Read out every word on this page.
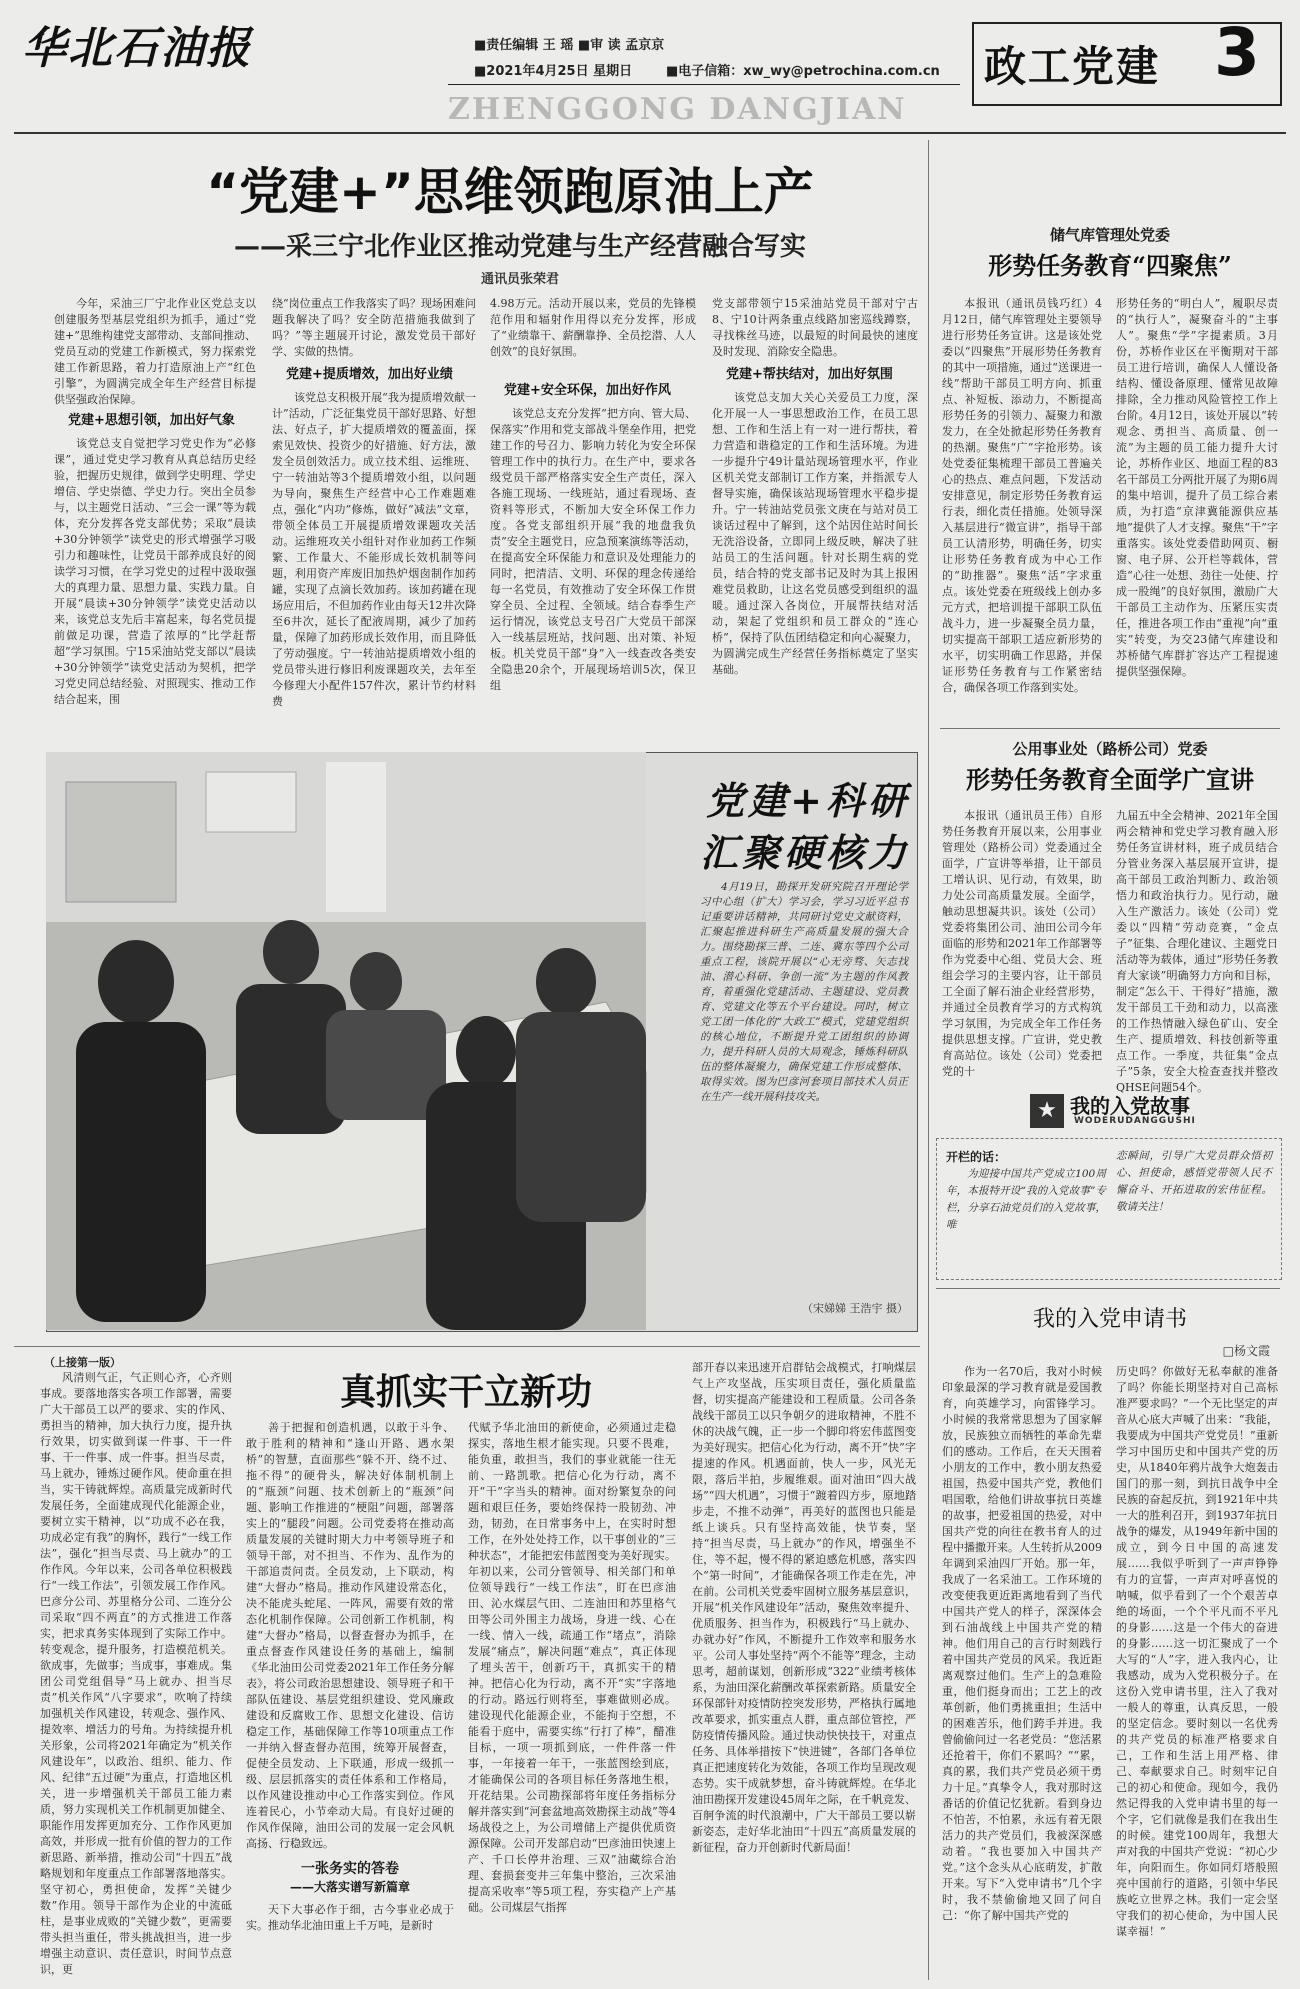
华北石油报	■责任编辑 王 瑶 ■审 读 孟京京
■2021年4月25日 星期日	■电子信箱：xw_wy@petrochina.com.cn
ZHENGGONG DANGJIAN
政工党建 3
“党建+”思维领跑原油上产
——采三宁北作业区推动党建与生产经营融合写实
通讯员张荣君
今年，采油三厂宁北作业区党总支以创建服务型基层党组织为抓手，通过“党建+”思维构建党支部带动、支部间推动、党员互动的党建工作新模式，努力探索党建工作新思路，着力打造原油上产“红色引擎”，为圆满完成全年生产经营目标提供坚强政治保障。
党建+思想引领，加出好气象
该党总支自觉把学习党史作为“必修课”，通过党史学习教育从真总结历史经验，把握历史规律，做到学史明理、学史增信、学史崇德、学史力行。突出全员参与，以主题党日活动、“三会一课”等为载体，充分发挥各党支部优势；采取“晨读+30分钟领学”读党史的形式增强学习吸引力和趣味性，让党员干部养成良好的阅读学习习惯，在学习党史的过程中汲取强大的真理力量、思想力量、实践力量。自开展“晨读+30分钟领学”读党史活动以来，该党总支先后丰富起来，每名党员提前做足功课，营造了浓厚的“比学赶帮超”学习氛围。宁15采油站党支部以“晨读+30分钟领学”读党史活动为契机，把学习党史同总结经验、对照现实、推动工作结合起来，围
绕“岗位重点工作我落实了吗？现场困难问题我解决了吗？安全防范措施我做到了吗？”等主题展开讨论，激发党员干部好学、实做的热情。
党建+提质增效，加出好业绩
该党总支积极开展“我为提质增效献一计”活动，广泛征集党员干部好思路、好想法、好点子，扩大提质增效的覆盖面，探索见效快、投资少的好措施、好方法，激发全员创效活力。成立技术组、运维班、宁一转油站等3个提质增效小组，以问题为导向，聚焦生产经营中心工作难题难点，强化“内功”修炼，做好“减法”文章，带领全体员工开展提质增效课题攻关活动。运维班攻关小组针对作业加药工作频繁、工作量大、不能形成长效机制等问题，利用资产库废旧加热炉烟囱制作加药罐，实现了点滴长效加药。该加药罐在现场应用后，不但加药作业由每天12井次降至6井次，延长了配液周期，减少了加药量，保障了加药形成长效作用，而且降低了劳动强度。宁一转油站提质增效小组的党员带头进行修旧利废课题攻关，去年至今修理大小配件157件次，累计节约材料费
4.98万元。活动开展以来，党员的先锋模范作用和辐射作用得以充分发挥，形成了“业绩靠干、薪酬靠挣、全员挖潜、人人创效”的良好氛围。
党建+安全环保，加出好作风
该党总支充分发挥“把方向、管大局、保落实”作用和党支部战斗堡垒作用，把党建工作的号召力、影响力转化为安全环保管理工作中的执行力。在生产中，要求各级党员干部严格落实安全生产责任，深入各施工现场、一线班站，通过看现场、查资料等形式，不断加大安全环保工作力度。各党支部组织开展“我的地盘我负责”安全主题党日，应急预案演练等活动，在提高安全环保能力和意识及处理能力的同时，把清洁、文明、环保的理念传递给每一名党员，有效推动了安全环保工作贯穿全员、全过程、全领域。结合春季生产运行情况，该党总支号召广大党员干部深入一线基层班站，找问题、出对策、补短板。机关党员干部“身”入一线查改各类安全隐患20余个，开展现场培训5次，保卫组
党支部带领宁15采油站党员干部对宁古8、宁10计两条重点线路加密巡线蹲察，寻找株丝马迹，以最短的时间最快的速度及时发现、消除安全隐患。
党建+帮扶结对，加出好氛围
该党总支加大关心关爱员工力度，深化开展一人一事思想政治工作，在员工思想、工作和生活上有一对一进行帮扶，着力营造和谐稳定的工作和生活环境。为进一步提升宁49计量站现场管理水平，作业区机关党支部制订工作方案，并指派专人督导实施，确保该站现场管理水平稳步提升。宁一转油站党员张文庚在与站对员工谈话过程中了解到，这个站因住站时间长无洗浴设备，立即同上级反映，解决了驻站员工的生活问题。针对长期生病的党员，结合特的党支部书记及时为其上报困难党员救助，让这名党员感受到组织的温暖。通过深入各岗位，开展帮扶结对活动，架起了党组织和员工群众的“连心桥”，保持了队伍团结稳定和向心凝聚力，为圆满完成生产经营任务指标奠定了坚实基础。
党建+科研
汇聚硬核力
4月19日，勘探开发研究院召开理论学习中心组（扩大）学习会，学习习近平总书记重要讲话精神，共同研讨党史文献资料，汇聚起推进科研生产高质量发展的强大合力。围绕勘探三普、二连、冀东等四个公司重点工程，该院开展以“心无旁骛、矢志找油、潜心科研、争创一流”为主题的作风教育，着重强化党建活动、主题建设、党员教育、党建文化等五个平台建设。同时，树立党工团一体化的“大政工”模式，党建党组织的核心地位，不断提升党工团组织的协调力，提升科研人员的大局观念，锤炼科研队伍的整体凝聚力，确保党建工作形成整体、取得实效。图为巴彦河套项目部技术人员正在生产一线开展科技攻关。
（宋娣娣 王浩宇 摄）
储气库管理处党委
形势任务教育“四聚焦”
本报讯（通讯员钱巧红）4月12日，储气库管理处主要领导进行形势任务宣讲。这是该处党委以“四聚焦”开展形势任务教育的其中一项措施，通过“送课进一线”帮助干部员工明方向、抓重点、补短板、添动力，不断提高形势任务的引领力、凝聚力和激发力，在全处掀起形势任务教育的热潮。聚焦“广”字抢形势。该处党委征集梳理干部员工普遍关心的热点、难点问题，下发活动安排意见，制定形势任务教育运行表，细化责任措施。处领导深入基层进行“微宣讲”，指导干部员工认清形势，明确任务，切实让形势任务教育成为中心工作的“助推器”。聚焦“活”字求重点。该处党委在班级线上创办多元方式，把培训提干部职工队伍战斗力，进一步凝聚全员力量，切实提高干部职工适应新形势的水平，切实明确工作思路，并保证形势任务教育与工作紧密结合，确保各项工作落到实处。
形势任务的“明白人”，履职尽责的“执行人”，凝聚奋斗的“主事人”。聚焦“学”字提素质。3月份，苏桥作业区在平衡期对干部员工进行培训，确保人人懂设备结构、懂设备原理、懂常见故障排除，全力推动风险管控工作上台阶。4月12日，该处开展以“转观念、勇担当、高质量、创一流”为主题的员工能力提升大讨论，苏桥作业区、地面工程的83名干部员工分两批开展了为期6周的集中培训，提升了员工综合素质，为打造“京津冀能源供应基地”提供了人才支撑。聚焦“干”字重落实。该处党委借助网页、橱窗、电子屏、公开栏等载体，营造“心往一处想、劲往一处使、拧成一股绳”的良好氛围，激励广大干部员工主动作为、压紧压实责任，推进各项工作由“重视”向“重实”转变，为交23储气库建设和苏桥储气库群扩容达产工程提速提供坚强保障。
公用事业处（路桥公司）党委
形势任务教育全面学广宣讲
本报讯（通讯员王伟）自形势任务教育开展以来，公用事业管理处（路桥公司）党委通过全面学，广宣讲等举措，让干部员工增认识、见行动，有效果，助力处公司高质量发展。全面学，触动思想凝共识。该处（公司）党委将集团公司、油田公司今年面临的形势和2021年工作部署等作为党委中心组、党员大会、班组会学习的主要内容，让干部员工全面了解石油企业经营形势，并通过全员教育学习的方式构筑学习氛围，为完成全年工作任务提供思想支撑。广宣讲，党史教育高站位。该处（公司）党委把党的十
九届五中全会精神、2021年全国两会精神和党史学习教育融入形势任务宣讲材料，班子成员结合分管业务深入基层展开宣讲，提高干部员工政治判断力、政治领悟力和政治执行力。见行动，融入生产激活力。该处（公司）党委以“四精”劳动竞赛，“金点子”征集、合理化建议、主题党日活动等为载体，通过“形势任务教育大家谈”明确努力方向和目标，制定“怎么干、干得好”措施，激发干部员工干劲和动力，以高涨的工作热情融入绿色矿山、安全生产、提质增效、科技创新等重点工作。一季度，共征集“金点子”5条，安全大检查查找并整改QHSE问题54个。
★ 我的入党故事
WODERUDANGGUSHI
开栏的话：
为迎接中国共产党成立100周年，本报特开设“我的入党故事”专栏，分享石油党员们的入党故事，唯
恋瞬间，引导广大党员群众悟初心、担使命，感悟党带领人民不懈奋斗、开拓进取的宏伟征程。敬请关注！
我的入党申请书
□杨文霞
作为一名70后，我对小时候印象最深的学习教育就是爱国教育，向英雄学习，向雷锋学习。小时候的我常常思想为了国家解放，民族独立而牺牲的革命先辈们的感动。工作后，在天天围着小朋友的工作中，教小朋友热爱祖国，热爱中国共产党，教他们唱国歌，给他们讲故事抗日英雄的故事，把爱祖国的热爱，对中国共产党的向往在教书育人的过程中播撒开来。人生转折从2009年调到采油四厂开始。那一年，我成了一名采油工。工作环境的改变使我更近距离地看到了当代中国共产党人的样子，深深体会到石油战线上中国共产党的精神。他们用自己的言行时刻践行着中国共产党员的风采。我近距离观察过他们。生产上的急难险重，他们挺身而出；工艺上的改革创新，他们勇挑重担；生活中的困难苦乐，他们跨手并进。我曾偷偷问过一名老党员：“您活累还抢着干，你们不累吗？”“累，真的累，我们共产党员必须干勇力十足。”真挚令人，我对那时这番话的价值记忆犹新。看到身边不怕苦，不怕累，永远有着无限活力的共产党员们，我被深深感动着。“我也要加入中国共产党。”这个念头从心底萌发，扩散开来。写下“入党申请书”几个字时，我不禁偷偷地又回了问自己：“你了解中国共产党的
历史吗？你做好无私奉献的准备了吗？你能长期坚持对自己高标准严要求吗？”一个无比坚定的声音从心底大声喊了出来：“我能，我要成为中国共产党党员！”重新学习中国历史和中国共产党的历史，从1840年鸦片战争大炮轰击国门的那一刻，到抗日战争中全民族的奋起反抗，到1921年中共一大的胜利召开，到1937年抗日战争的爆发，从1949年新中国的成立，到今日中国的高速发展……我似乎听到了一声声铮铮有力的宣誓，一声声对呼喜悦的呐喊，似乎看到了一个个艰苦卓绝的场面，一个个平凡而不平凡的身影……这是一个伟大的奋进的身影……这一切汇聚成了一个大写的“人”字，进入我内心，让我感动，成为入党积极分子。在这份入党申请书里，注入了我对一般人的尊重，认真反思，一般的坚定信念。要时刻以一名优秀的共产党员的标准严格要求自己，工作和生活上用严格、律己、奉献要求自己。时刻牢记自己的初心和使命。现如今，我仍然记得我的入党申请书里的每一个字，它们就像是我们在我出生的时候。建党100周年，我想大声对我的中国共产党说：“初心少年，向阳而生。你如同灯塔般照亮中国前行的道路，引领中华民族屹立世界之林。我们一定会坚守我们的初心使命，为中国人民谋幸福！”
（上接第一版）
风清则气正，气正则心齐，心齐则事成。要落地落实各项工作部署，需要广大干部员工以严的要求、实的作风、勇担当的精神，加大执行力度，提升执行效果，切实做到谋一件事、干一件事、干一件事、成一件事。担当尽责，马上就办，锤炼过硬作风。使命重在担当，实干铸就辉煌。高质量完成新时代发展任务，全面建成现代化能源企业，要树立实干精神，以“功成不必在我，功成必定有我”的胸怀，践行“一线工作法”，强化“担当尽责、马上就办”的工作作风。今年以来，公司各单位积极践行“一线工作法”，引领发展工作作风。巴彦分公司、苏里格分公司、二连分公司采取“四不两直”的方式推进工作落实，把求真务实体现到了实际工作中。转变观念，提升服务，打造模范机关。欲成事，先做事；当成事，事难成。集团公司党组倡导“马上就办、担当尽责”机关作风“八字要求”，吹响了持续加强机关作风建设，转观念、强作风、提效率、增活力的号角。为持续提升机关形象，公司将2021年确定为“机关作风建设年”，以政治、组织、能力、作风、纪律“五过硬”为重点，打造地区机关，进一步增强机关干部员工能力素质，努力实现机关工作机制更加健全、职能作用发挥更加充分、工作作风更加高效，并形成一批有价值的智力的工作新思路、新举措，推动公司“十四五”战略规划和年度重点工作部署落地落实。坚守初心，勇担使命，发挥“关键少数”作用。领导干部作为企业的中流砥柱，是事业成败的“关键少数”，更需要带头担当重任，带头挑战担当，进一步增强主动意识、责任意识，时间节点意识，更
真抓实干立新功
善于把握和创造机遇，以敢于斗争、敢于胜利的精神和“逢山开路、遇水架桥”的智慧，直面那些“躲不开、绕不过、拖不得”的硬骨头，解决好体制机制上的“瓶颈”问题、技术创新上的“瓶颈”问题、影响工作推进的“梗阻”问题，部署落实上的“腿段”问题。公司党委将在推动高质量发展的关键时期大力中考领导班子和领导干部，对不担当、不作为、乱作为的干部追责问责。全员发动，上下联动，构建“大督办”格局。推动作风建设常态化，决不能虎头蛇尾、一阵风，需要有效的常态化机制作保障。公司创新工作机制，构建“大督办”格局，以督查督办为抓手，在重点督查作风建设任务的基础上，编制《华北油田公司党委2021年工作任务分解表》，将公司政治思想建设、领导班子和干部队伍建设、基层党组织建设、党风廉政建设和反腐败工作、思想文化建设、信访稳定工作，基础保障工作等10项重点工作一并纳入督查督办范围，统筹开展督查，促使全员发动、上下联通，形成一级抓一级、层层抓落实的责任体系和工作格局，以作风建设推动中心工作落实到位。作风连着民心，小节牵动大局。有良好过硬的作风作保障，油田公司的发展一定会风帆高扬、行稳致远。
一张务实的答卷
——大落实谱写新篇章
天下大事必作于细，古今事业必成于实。推动华北油田重上千万吨，是新时
代赋予华北油田的新使命，必须通过走稳探实，落地生根才能实现。只要不畏难，能负重，敢担当，我们的事业就能一往无前、一路凯歌。把信心化为行动，离不开“干”字当头的精神。面对纷繁复杂的问题和艰巨任务，要始终保持一股韧劲、冲劲，韧劲，在日常事务中上，在实时时想工作，在外处处持工作，以干事创业的“三种状态”，才能把宏伟蓝图变为美好现实。年初以来，公司分管领导、相关部门和单位领导践行“一线工作法”，盯在巴彦油田、沁水煤层气田、二连油田和苏里格气田等公司外围主力战场，身进一线、心在一线、情入一线，疏通工作“堵点”，消除发展“痛点”，解决问题“难点”，真正体现了埋头苦干，创新巧干，真抓实干的精神。把信心化为行动，离不开“实”字落地的行动。路远行则将至，事难做则必成。建设现代化能源企业，不能拘于空想，不能看于庭中，需要实练“行打了棒”，醋准目标，一项一项抓到底，一件件落一件事，一年接着一年干，一张蓝图绘到底，才能确保公司的各项目标任务落地生根，开花结果。公司勘探部将年度任务指标分解并落实到“河套盆地高效勘探主动战”等4场战役之上，为公司增储上产提供优质资源保障。公司开发部启动“巴彦油田快速上产、千口长停井治理、三双”油藏综合治理、套损套变井三年集中整治，三次采油提高采收率”等5项工程，夯实稳产上产基础。公司煤层气指挥
部开春以来迅速开启群钻会战模式，打响煤层气上产攻坚战，压实项目责任，强化质量监督，切实提高产能建设和工程质量。公司各条战线干部员工以只争朝夕的进取精神，不胜不休的决战气魄，正一步一个脚印将宏伟蓝图变为美好现实。把信心化为行动，离不开“快”字提速的作风。机遇面前，快人一步，风光无限，落后半拍，步履维艰。面对油田“四大战场”“四大机遇”，习惯于“踱着四方步，原地踏步走，不推不动弹”，再美好的蓝图也只能是纸上谈兵。只有坚持高效能，快节奏，坚持“担当尽责，马上就办”的作风，增强坐不住，等不起，慢不得的紧迫感危机感，落实四个“第一时间”，才能确保各项工作走在先，冲在前。公司机关党委牢固树立服务基层意识，开展“机关作风建设年”活动，聚焦效率提升、优质服务、担当作为，积极践行“马上就办、办就办好”作风，不断提升工作效率和服务水平。公司人事处坚持“两个不能等”理念，主动思考，超前谋划，创新形成“322”业绩考核体系，为油田深化薪酬改革探索新路。质量安全环保部针对疫情防控突发形势，严格执行属地改革要求，抓实重点人群，重点部位管控，严防疫情传播风险。通过快动快快技干，对重点任务、具体举措按下“快进键”，各部门各单位真正把速度转化为效能，各项工作均呈现改观态势。实干成就梦想，奋斗铸就辉煌。在华北油田勘探开发建设45周年之际，在千帆竞发、百舸争流的时代浪潮中，广大干部员工要以崭新姿态，走好华北油田“十四五”高质量发展的新征程，奋力开创新时代新局面！
